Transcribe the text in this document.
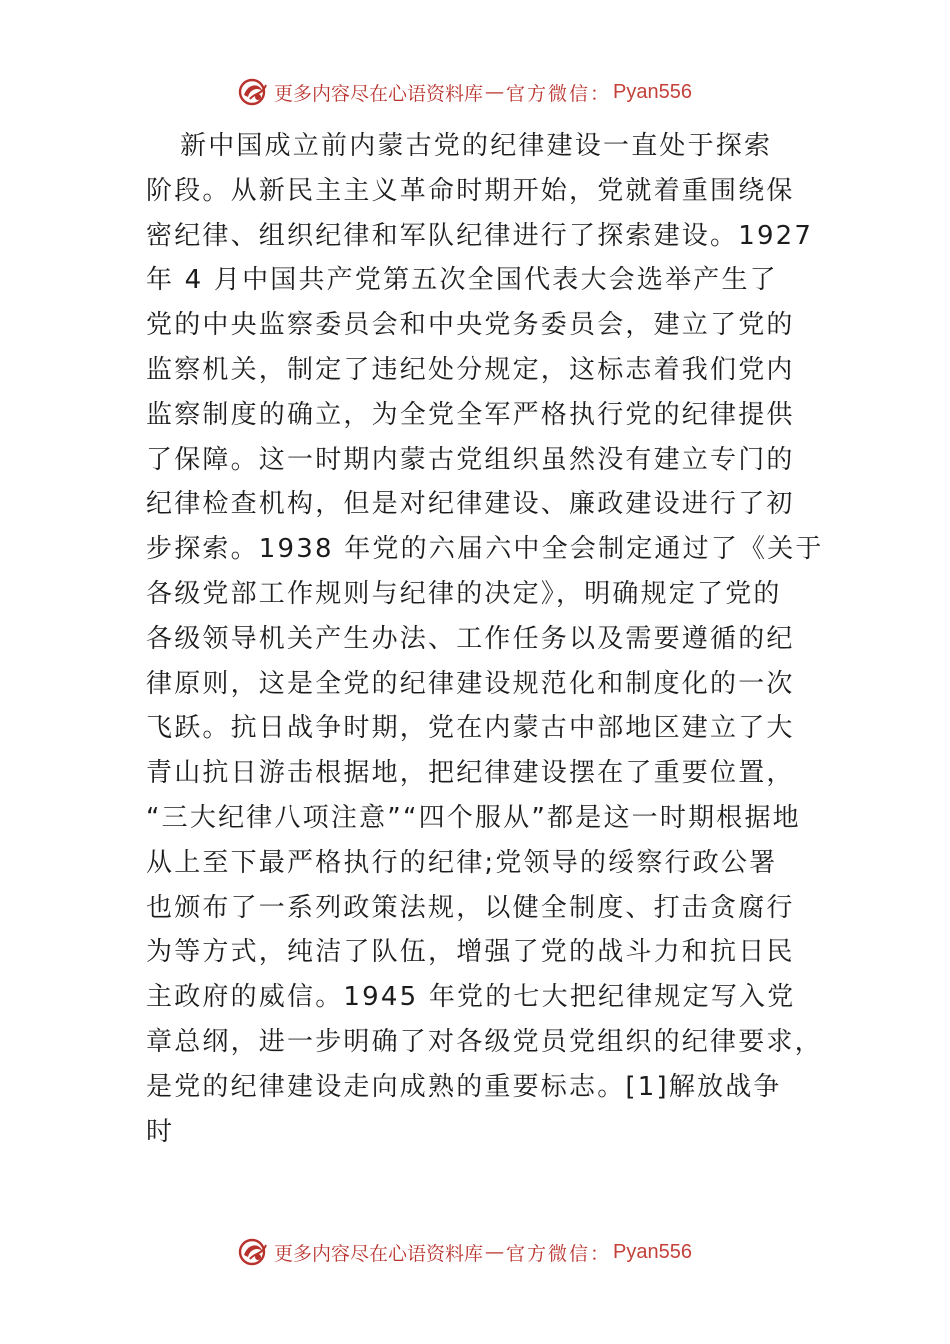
更多内容尽在心语资料库 — 官方微信： Pyan556
新中国成立前内蒙古党的纪律建设一直处于探索
阶段。从新民主主义革命时期开始，党就着重围绕保
密纪律、组织纪律和军队纪律进行了探索建设。1927
年 4 月中国共产党第五次全国代表大会选举产生了
党的中央监察委员会和中央党务委员会，建立了党的
监察机关，制定了违纪处分规定，这标志着我们党内
监察制度的确立，为全党全军严格执行党的纪律提供
了保障。这一时期内蒙古党组织虽然没有建立专门的
纪律检查机构，但是对纪律建设、廉政建设进行了初
步探索。1938 年党的六届六中全会制定通过了《关于
各级党部工作规则与纪律的决定》，明确规定了党的
各级领导机关产生办法、工作任务以及需要遵循的纪
律原则，这是全党的纪律建设规范化和制度化的一次
飞跃。抗日战争时期，党在内蒙古中部地区建立了大
青山抗日游击根据地，把纪律建设摆在了重要位置，
“三大纪律八项注意”“四个服从”都是这一时期根据地
从上至下最严格执行的纪律;党领导的绥察行政公署
也颁布了一系列政策法规，以健全制度、打击贪腐行
为等方式，纯洁了队伍，增强了党的战斗力和抗日民
主政府的威信。1945 年党的七大把纪律规定写入党
章总纲，进一步明确了对各级党员党组织的纪律要求，
是党的纪律建设走向成熟的重要标志。[1]解放战争
时
更多内容尽在心语资料库 — 官方微信： Pyan556
